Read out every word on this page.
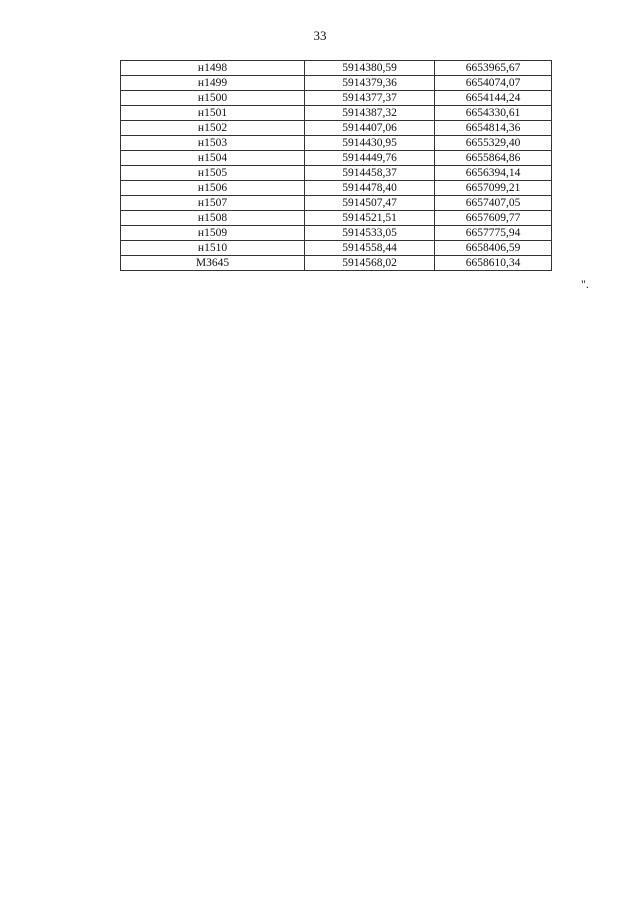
33
н1498	5914380,59	6653965,67
н1499	5914379,36	6654074,07
н1500	5914377,37	6654144,24
н1501	5914387,32	6654330,61
н1502	5914407,06	6654814,36
н1503	5914430,95	6655329,40
н1504	5914449,76	6655864,86
н1505	5914458,37	6656394,14
н1506	5914478,40	6657099,21
н1507	5914507,47	6657407,05
н1508	5914521,51	6657609,77
н1509	5914533,05	6657775,94
н1510	5914558,44	6658406,59
МЗ645	5914568,02	6658610,34
".
